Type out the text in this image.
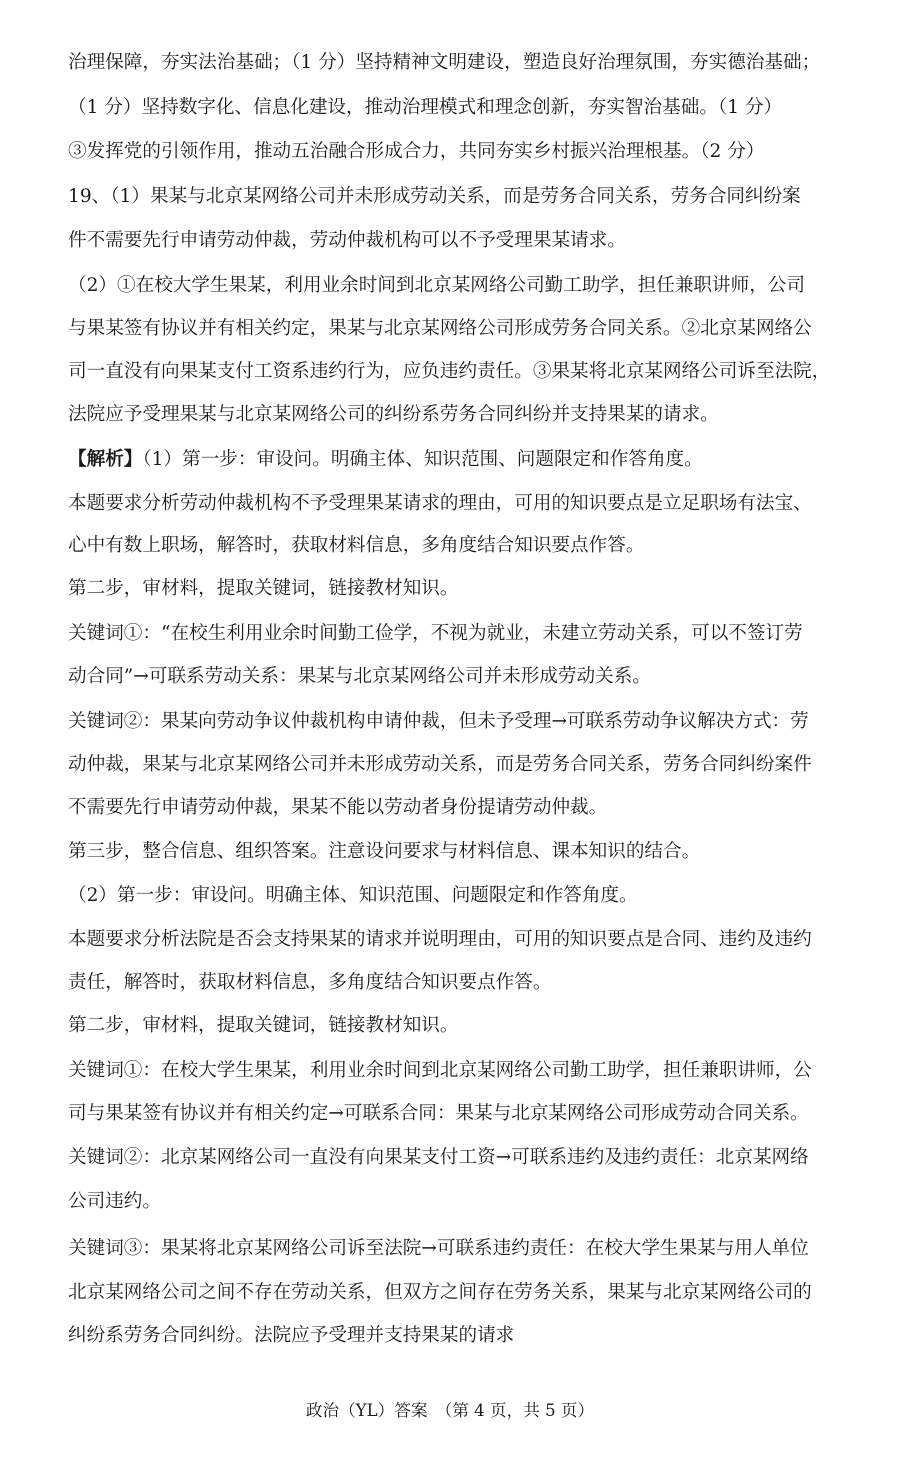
治理保障，夯实法治基础；（1 分）坚持精神文明建设，塑造良好治理氛围，夯实德治基础；

（1 分）坚持数字化、信息化建设，推动治理模式和理念创新，夯实智治基础。（1 分）

③发挥党的引领作用，推动五治融合形成合力，共同夯实乡村振兴治理根基。（2 分）

19、（1）果某与北京某网络公司并未形成劳动关系，而是劳务合同关系，劳务合同纠纷案

件不需要先行申请劳动仲裁，劳动仲裁机构可以不予受理果某请求。

（2）①在校大学生果某，利用业余时间到北京某网络公司勤工助学，担任兼职讲师，公司

与果某签有协议并有相关约定，果某与北京某网络公司形成劳务合同关系。②北京某网络公

司一直没有向果某支付工资系违约行为，应负违约责任。③果某将北京某网络公司诉至法院，

法院应予受理果某与北京某网络公司的纠纷系劳务合同纠纷并支持果某的请求。

【解析】（1）第一步：审设问。明确主体、知识范围、问题限定和作答角度。

本题要求分析劳动仲裁机构不予受理果某请求的理由，可用的知识要点是立足职场有法宝、

心中有数上职场，解答时，获取材料信息，多角度结合知识要点作答。

第二步，审材料，提取关键词，链接教材知识。

关键词①：“在校生利用业余时间勤工俭学，不视为就业，未建立劳动关系，可以不签订劳

动合同”→可联系劳动关系：果某与北京某网络公司并未形成劳动关系。

关键词②：果某向劳动争议仲裁机构申请仲裁，但未予受理→可联系劳动争议解决方式：劳

动仲裁，果某与北京某网络公司并未形成劳动关系，而是劳务合同关系，劳务合同纠纷案件

不需要先行申请劳动仲裁，果某不能以劳动者身份提请劳动仲裁。

第三步，整合信息、组织答案。注意设问要求与材料信息、课本知识的结合。

（2）第一步：审设问。明确主体、知识范围、问题限定和作答角度。

本题要求分析法院是否会支持果某的请求并说明理由，可用的知识要点是合同、违约及违约

责任，解答时，获取材料信息，多角度结合知识要点作答。

第二步，审材料，提取关键词，链接教材知识。

关键词①：在校大学生果某，利用业余时间到北京某网络公司勤工助学，担任兼职讲师，公

司与果某签有协议并有相关约定→可联系合同：果某与北京某网络公司形成劳动合同关系。

关键词②：北京某网络公司一直没有向果某支付工资→可联系违约及违约责任：北京某网络

公司违约。

关键词③：果某将北京某网络公司诉至法院→可联系违约责任：在校大学生果某与用人单位

北京某网络公司之间不存在劳动关系，但双方之间存在劳务关系，果某与北京某网络公司的

纠纷系劳务合同纠纷。法院应予受理并支持果某的请求

政治（YL）答案　（第 4 页，共 5 页）
